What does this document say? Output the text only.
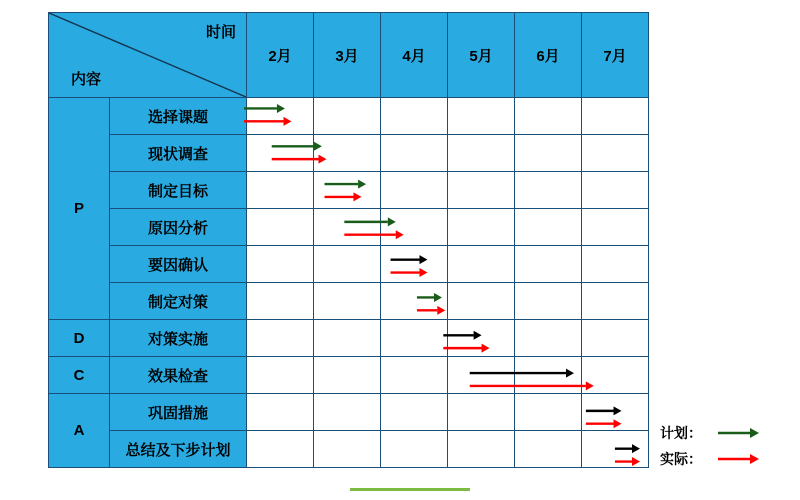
时间
内容		2月	3月	4月	5月	6月	7月
P	选择课题						
	现状调查						
	制定目标						
	原因分析						
	要因确认						
	制定对策						
D	对策实施						
C	效果检查						
A	巩固措施						
	总结及下步计划						
计划：
实际：
